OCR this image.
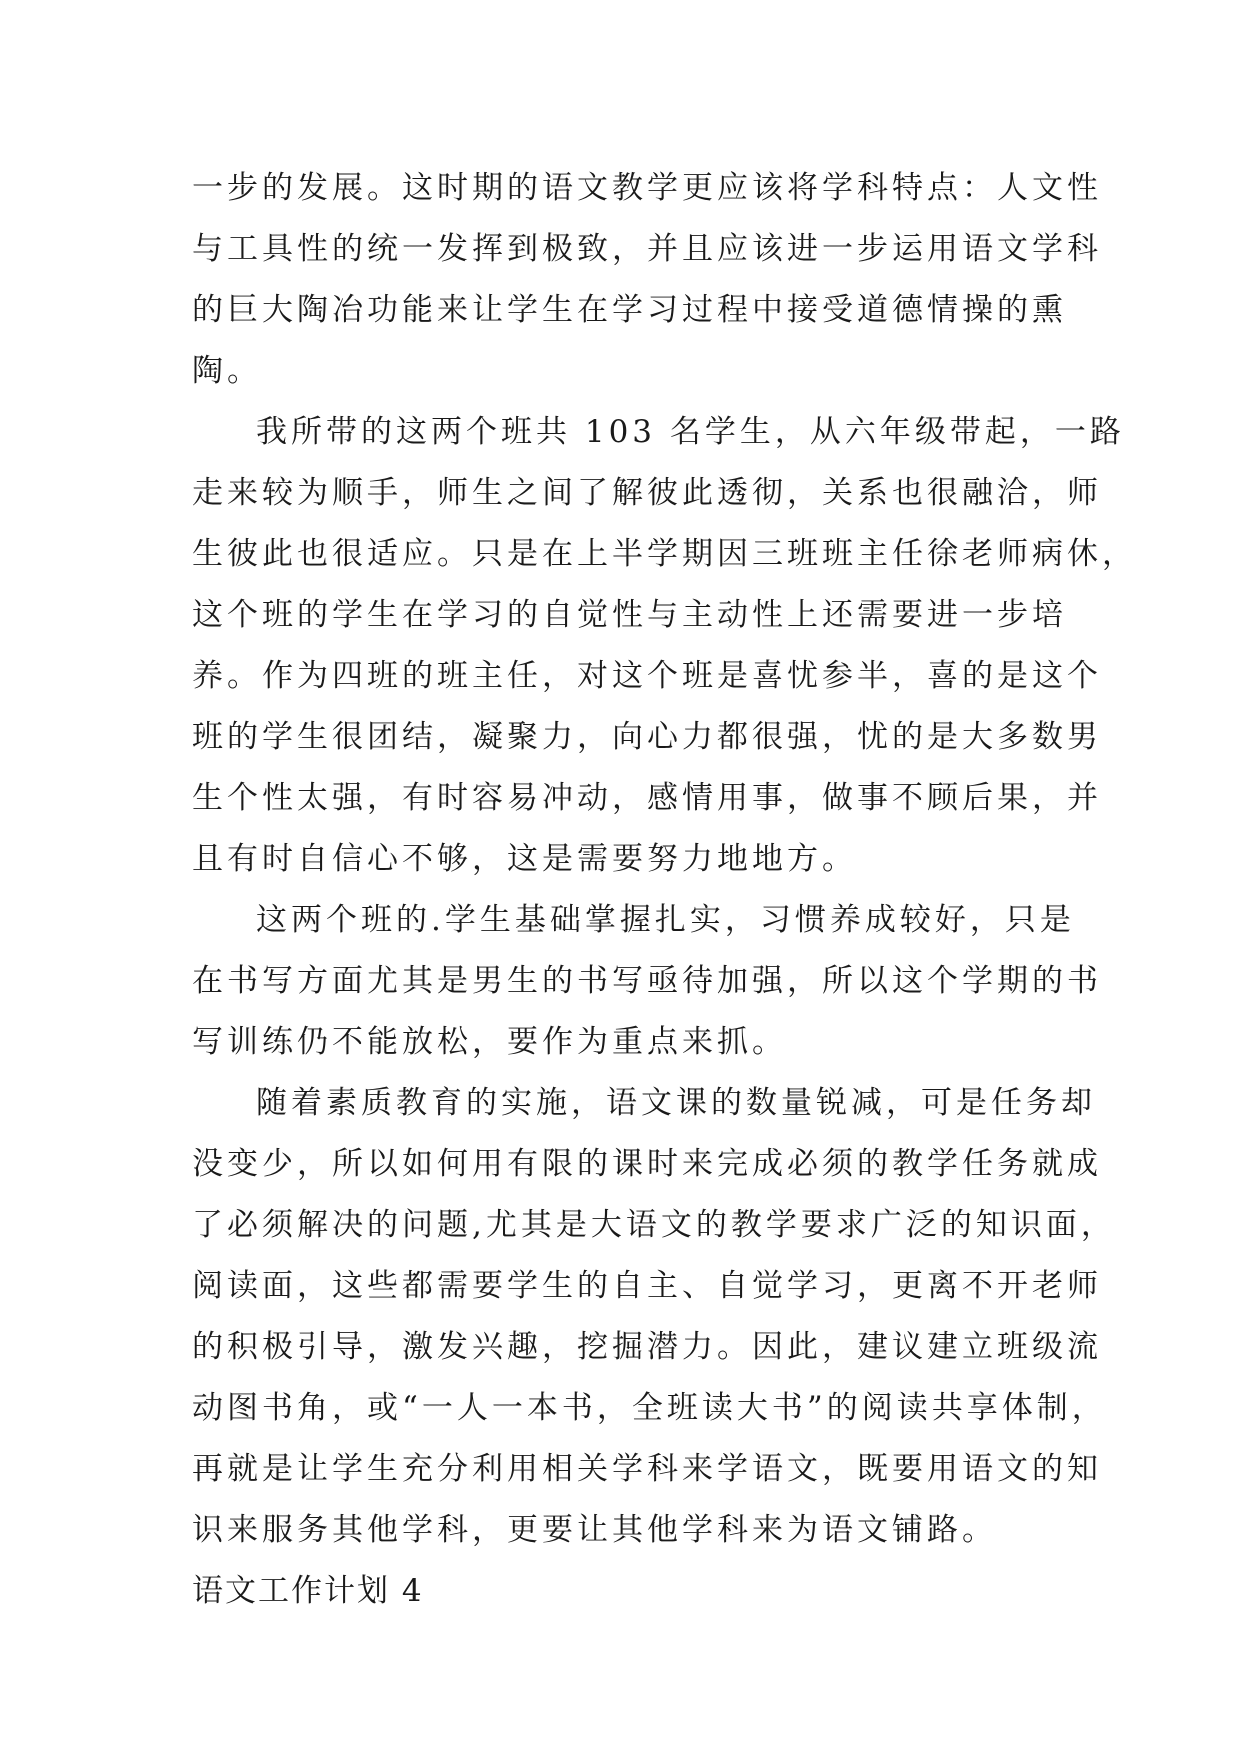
一步的发展。这时期的语文教学更应该将学科特点：人文性
与工具性的统一发挥到极致，并且应该进一步运用语文学科
的巨大陶冶功能来让学生在学习过程中接受道德情操的熏
陶。
我所带的这两个班共 103 名学生，从六年级带起，一路
走来较为顺手，师生之间了解彼此透彻，关系也很融洽，师
生彼此也很适应。只是在上半学期因三班班主任徐老师病休，
这个班的学生在学习的自觉性与主动性上还需要进一步培
养。作为四班的班主任，对这个班是喜忧参半，喜的是这个
班的学生很团结，凝聚力，向心力都很强，忧的是大多数男
生个性太强，有时容易冲动，感情用事，做事不顾后果，并
且有时自信心不够，这是需要努力地地方。
这两个班的.学生基础掌握扎实，习惯养成较好，只是
在书写方面尤其是男生的书写亟待加强，所以这个学期的书
写训练仍不能放松，要作为重点来抓。
随着素质教育的实施，语文课的数量锐减，可是任务却
没变少，所以如何用有限的课时来完成必须的教学任务就成
了必须解决的问题,尤其是大语文的教学要求广泛的知识面，
阅读面，这些都需要学生的自主、自觉学习，更离不开老师
的积极引导，激发兴趣，挖掘潜力。因此，建议建立班级流
动图书角，或“一人一本书，全班读大书”的阅读共享体制，
再就是让学生充分利用相关学科来学语文，既要用语文的知
识来服务其他学科，更要让其他学科来为语文铺路。
语文工作计划 4
